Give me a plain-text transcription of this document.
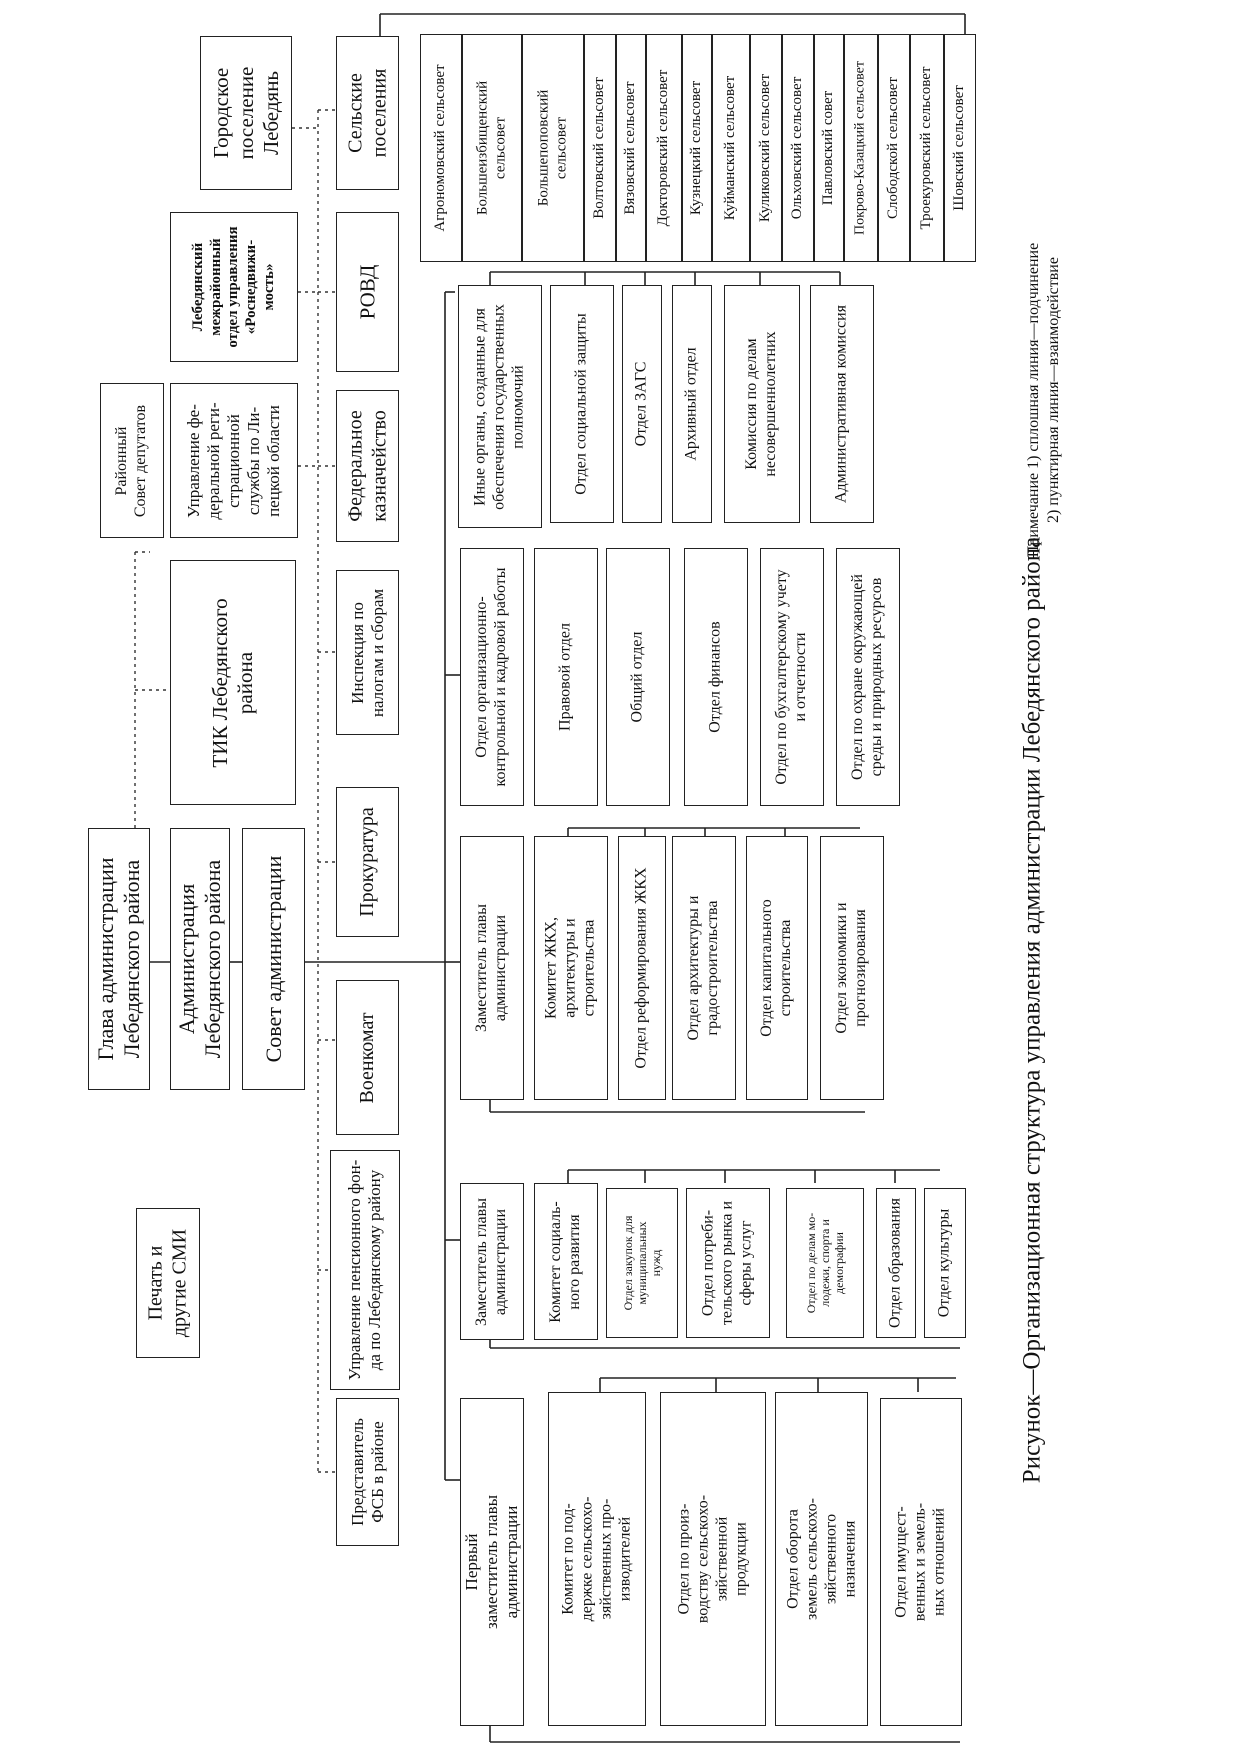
Глава администрации
Лебедянского района Администрация
Лебедянского района Совет администрации
ТИК Лебедянского
района
Районный
Совет депутатов Управление фе-
деральной реги-
страционной
службы по Ли-
пецкой области
Лебедянский
межрайонный
отдел управления
«Роснедвижи-
мость»
Городское
поселение
Лебедянь
Печать и
другие СМИ
Представитель
ФСБ в районе
Управление пенсионного фон-
да по Лебедянскому району
Военкомат
Прокуратура
Инспекция по
налогам и сборам
Федеральное
казначейство
РОВД
Сельские
поселения	Агрономовский сельсовет Большеизбищенский
сельсовет Большепоповский
сельсовет Волтовский сельсовет Вязовский сельсовет Докторовский сельсовет Кузнецкий сельсовет Куйманский сельсовет Куликовский сельсовет Ольховский сельсовет Павловский совет Покрово-Казацкий сельсовет Слободской сельсовет Троекуровский сельсовет Шовский сельсовет
Первый
заместитель главы
администрации Комитет по под-
держке сельскохо-
зяйственных про-
изводителей	Отдел по произ-
водству сельскохо-
зяйственной
продукции Отдел оборота
земель сельскохо-
зяйственного
назначения Отдел имущест-
венных и земель-
ных отношений
Заместитель главы
администрации Комитет социаль-
ного развития
Отдел закупок для
муниципальных
нужд
Отдел потреби-
тельского рынка и
сферы услуг
Отдел по делам мо-
лодежи, спорта и
демографии	Отдел образования Отдел культуры
Заместитель главы
администрации Комитет ЖКХ,
архитектуры и
строительства Отдел реформирования ЖКХ Отдел архитектуры и
градостроительства Отдел капитального
строительства Отдел экономики и
прогнозирования
Отдел организационно-
контрольной и кадровой работы
Правовой отдел	Общий отдел	Отдел финансов
Отдел по бухгалтерскому учету
и отчетности
Отдел по охране окружающей
среды и природных ресурсов
Иные органы, созданные для
обеспечения государственных
полномочий	Отдел социальной защиты	Отдел ЗАГС Архивный отдел	Комиссия по делам
несовершеннолетних	Административная комиссия
Рисунок—Организационная структура управления администрации Лебедянского района
Примечание 1) сплошная линия—подчинение 2) пунктирная линия—взаимодействие
